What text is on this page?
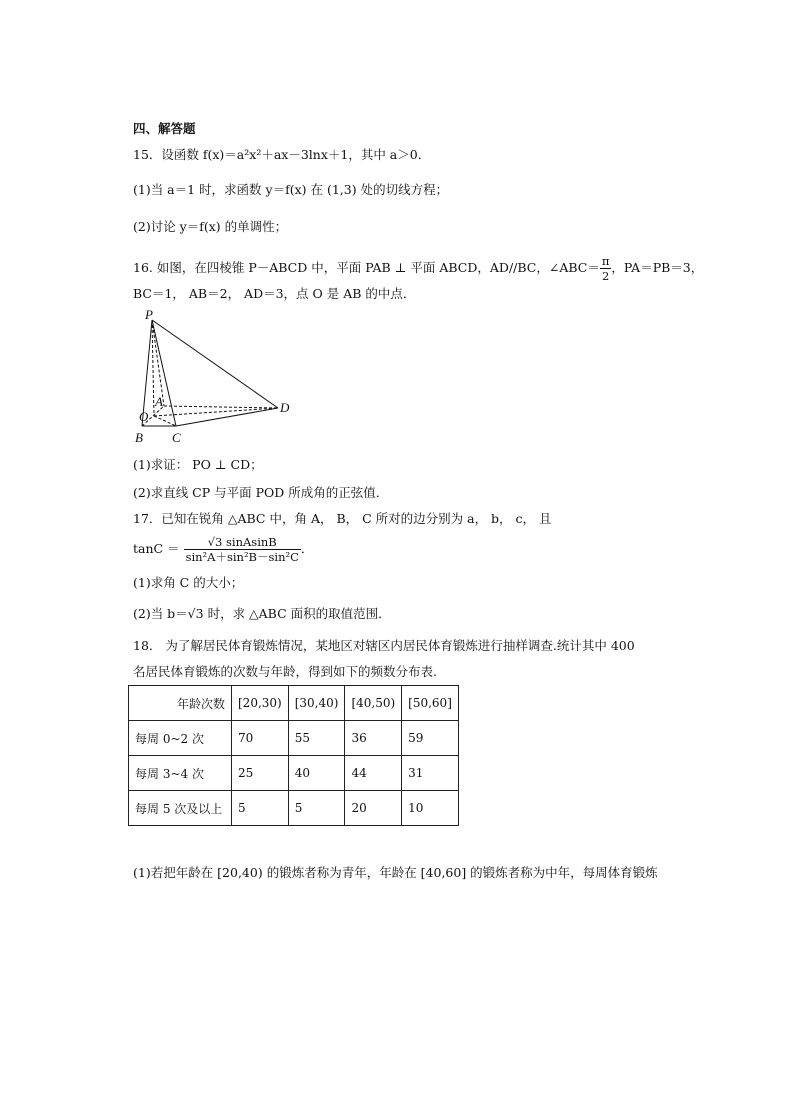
四、解答题
15．设函数 f(x)＝a²x²＋ax－3lnx＋1，其中 a＞0．
(1)当 a＝1 时，求函数 y＝f(x) 在 (1,3) 处的切线方程；
(2)讨论 y＝f(x) 的单调性；
16. 如图，在四棱锥 P－ABCD 中，平面 PAB ⊥ 平面 ABCD，AD//BC，∠ABC＝ $\frac{\pi}{2}$ ，PA＝PB＝3，
BC＝1， AB＝2， AD＝3，点 O 是 AB 的中点．
P
A
O
B C
D
(1)求证： PO ⊥ CD；
(2)求直线 CP 与平面 POD 所成角的正弦值．
17．已知在锐角 △ABC 中，角 A， B， C 所对的边分别为 a， b， c， 且
$\tan C = \frac{\text{√3 sinAsinB}}{\text{sin²A＋sin²B－sin²C}}$ ．
(1)求角 C 的大小；
(2)当 b＝√3 时，求 △ABC 面积的取值范围．
18． 为了解居民体育锻炼情况，某地区对辖区内居民体育锻炼进行抽样调查.统计其中 400
名居民体育锻炼的次数与年龄，得到如下的频数分布表.
年龄次数	[20,30)	[30,40)	[40,50)	[50,60]
每周 0~2 次	70	55	36	59
每周 3~4 次	25	40	44	31
每周 5 次及以上	5	5	20	10
(1)若把年龄在 [20,40) 的锻炼者称为青年，年龄在 [40,60] 的锻炼者称为中年，每周体育锻炼
